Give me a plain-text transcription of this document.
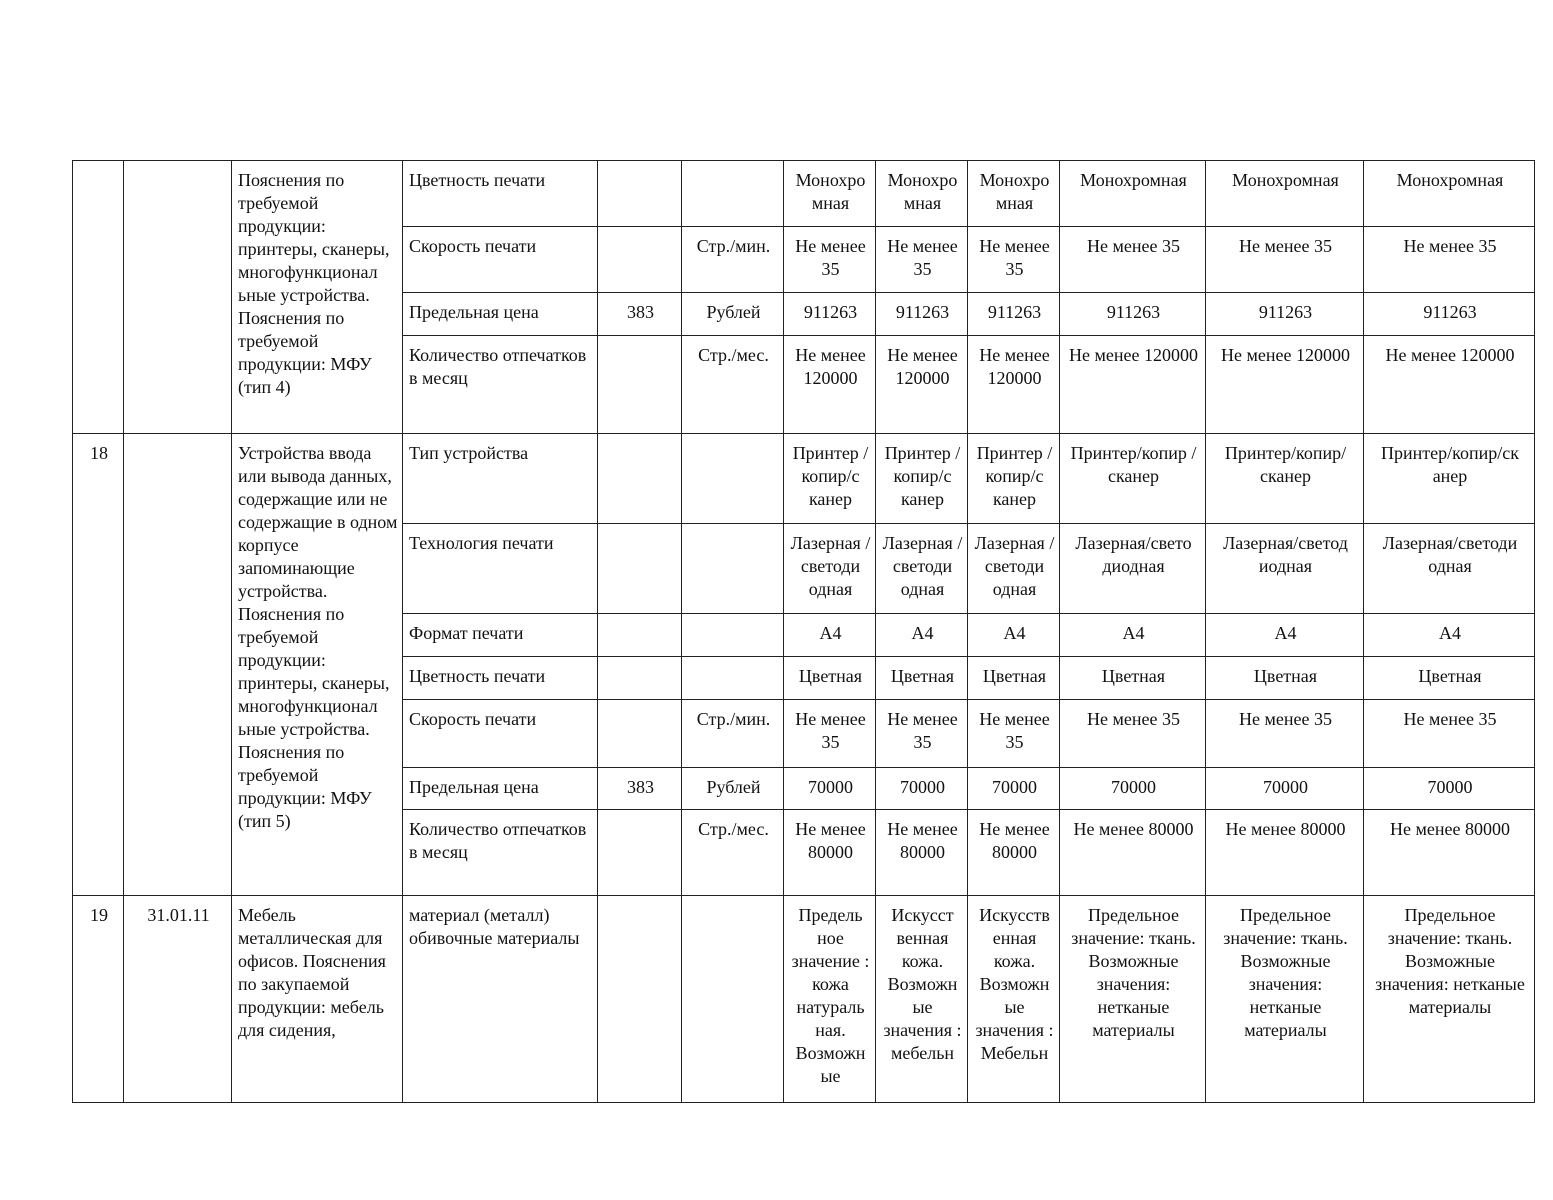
		Пояснения по требуемой продукции: принтеры, сканеры, многофункционал ьные устройства. Пояснения по требуемой продукции: МФУ (тип 4)	Цветность печати			Монохро мная	Монохро мная	Монохро мная	Монохромная	Монохромная	Монохромная
			Скорость печати		Стр./мин.	Не менее 35	Не менее 35	Не менее 35	Не менее 35	Не менее 35	Не менее 35
			Предельная цена	383	Рублей	911263	911263	911263	911263	911263	911263
			Количество отпечатков в месяц		Стр./мес.	Не менее 120000	Не менее 120000	Не менее 120000	Не менее 120000	Не менее 120000	Не менее 120000
18		Устройства ввода или вывода данных, содержащие или не содержащие в одном корпусе запоминающие устройства. Пояснения по требуемой продукции: принтеры, сканеры, многофункционал ьные устройства. Пояснения по требуемой продукции: МФУ (тип 5)	Тип устройства			Принтер /копир/с канер	Принтер /копир/с канер	Принтер /копир/с канер	Принтер/копир /сканер	Принтер/копир/ сканер	Принтер/копир/ск анер
			Технология печати			Лазерная /светоди одная	Лазерная /светоди одная	Лазерная /светоди одная	Лазерная/свето диодная	Лазерная/светод иодная	Лазерная/светоди одная
			Формат печати			А4	А4	А4	А4	А4	А4
			Цветность печати			Цветная	Цветная	Цветная	Цветная	Цветная	Цветная
			Скорость печати		Стр./мин.	Не менее 35	Не менее 35	Не менее 35	Не менее 35	Не менее 35	Не менее 35
			Предельная цена	383	Рублей	70000	70000	70000	70000	70000	70000
			Количество отпечатков в месяц		Стр./мес.	Не менее 80000	Не менее 80000	Не менее 80000	Не менее 80000	Не менее 80000	Не менее 80000
19	31.01.11	Мебель металлическая для офисов. Пояснения по закупаемой продукции: мебель для сидения,	материал (металл) обивочные материалы			Предель ное значение : кожа натураль ная. Возможн ые	Искусст венная кожа. Возможн ые значения : мебельн	Искусств енная кожа. Возможн ые значения : Мебельн	Предельное значение: ткань. Возможные значения: нетканые материалы	Предельное значение: ткань. Возможные значения: нетканые материалы	Предельное значение: ткань. Возможные значения: нетканые материалы
